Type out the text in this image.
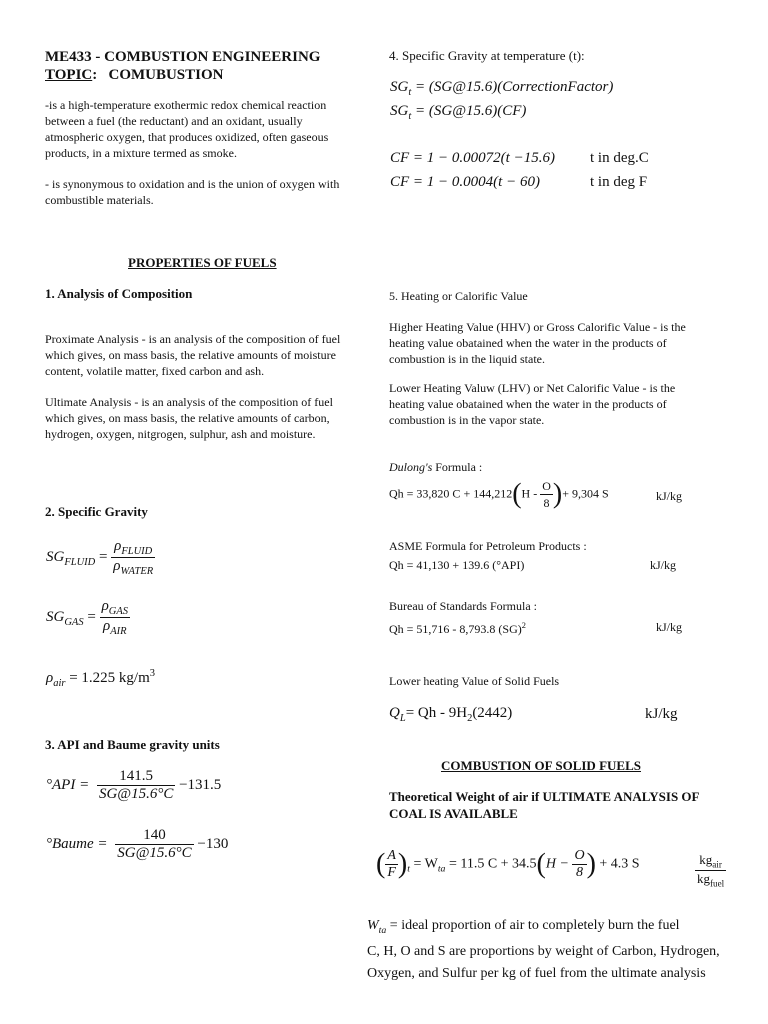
ME433 - COMBUSTION ENGINEERING
TOPIC: COMUBUSTION
-is a high-temperature exothermic redox chemical reaction between a fuel (the reductant) and an oxidant, usually atmospheric oxygen, that produces oxidized, often gaseous products, in a mixture termed as smoke.
- is synonymous to oxidation and is the union of oxygen with combustible materials.
PROPERTIES OF FUELS
1. Analysis of Composition
Proximate Analysis - is an analysis of the composition of fuel which gives, on mass basis, the relative amounts of moisture content, volatile matter, fixed carbon and ash.
Ultimate Analysis - is an analysis of the composition of fuel which gives, on mass basis, the relative amounts of carbon, hydrogen, oxygen, nitgrogen, sulphur, ash and moisture.
2. Specific Gravity
$SG_{FLUID} = \frac{\rho_{FLUID}}{\rho_{WATER}}$
$SG_{GAS} = \frac{\rho_{GAS}}{\rho_{AIR}}$
$\rho_{air} = 1.225$ $kg/m^3$
3. API and Baume gravity units
$^\circ API = \frac{141.5}{SG@15.6^\circ C} -131.5$
°Baume = $\frac{140}{SG@15.6^\circ C} -130$
4. Specific Gravity at temperature (t):
$SG_t$ = (SG@15.6)(CorrectionFactor)
$SG_t$ = (SG@15.6)(CF)
CF = 1 − 0.00072(t −15.6) t in deg.C
CF = 1 − 0.0004(t − 60)	t in deg F
5. Heating or Calorific Value
Higher Heating Value (HHV) or Gross Calorific Value - is the heating value obatained when the water in the products of combustion is in the liquid state.
Lower Heating Valuw (LHV) or Net Calorific Value - is the heating value obatained when the water in the products of combustion is in the vapor state.
Dulong's Formula :
Qh = 33,820 $C + 144,212(H - \frac{O}{8}$ )+ 9,304 S	kJ/kg
ASME Formula for Petroleum Products :
Qh = 41,130 + 139.6 (°API)	kJ/kg
Bureau of Standards Formula :
Qh = 51,716 - 8,793.8 (SG)$^2$	kJ/kg
Lower heating Value of Solid Fuels
$Q_L= Qh - 9H_2(2442)$	kJ/kg
COMBUSTION OF SOLID FUELS
Theoretical Weight of air if ULTIMATE ANALYSIS OF COAL IS AVAILABLE
( $\frac{A}{F} )_t = W_{ta} = 11.5$ $C + 34.5(H - \frac{O}{8}$ ) + 4.3 S	$\frac{kg_{air}}{kg_{fuel}}$
$W_{ta}$ = ideal proportion of air to completely burn the fuel
C, H, O and S are proportions by weight of Carbon, Hydrogen, Oxygen, and Sulfur per kg of fuel from the ultimate analysis
